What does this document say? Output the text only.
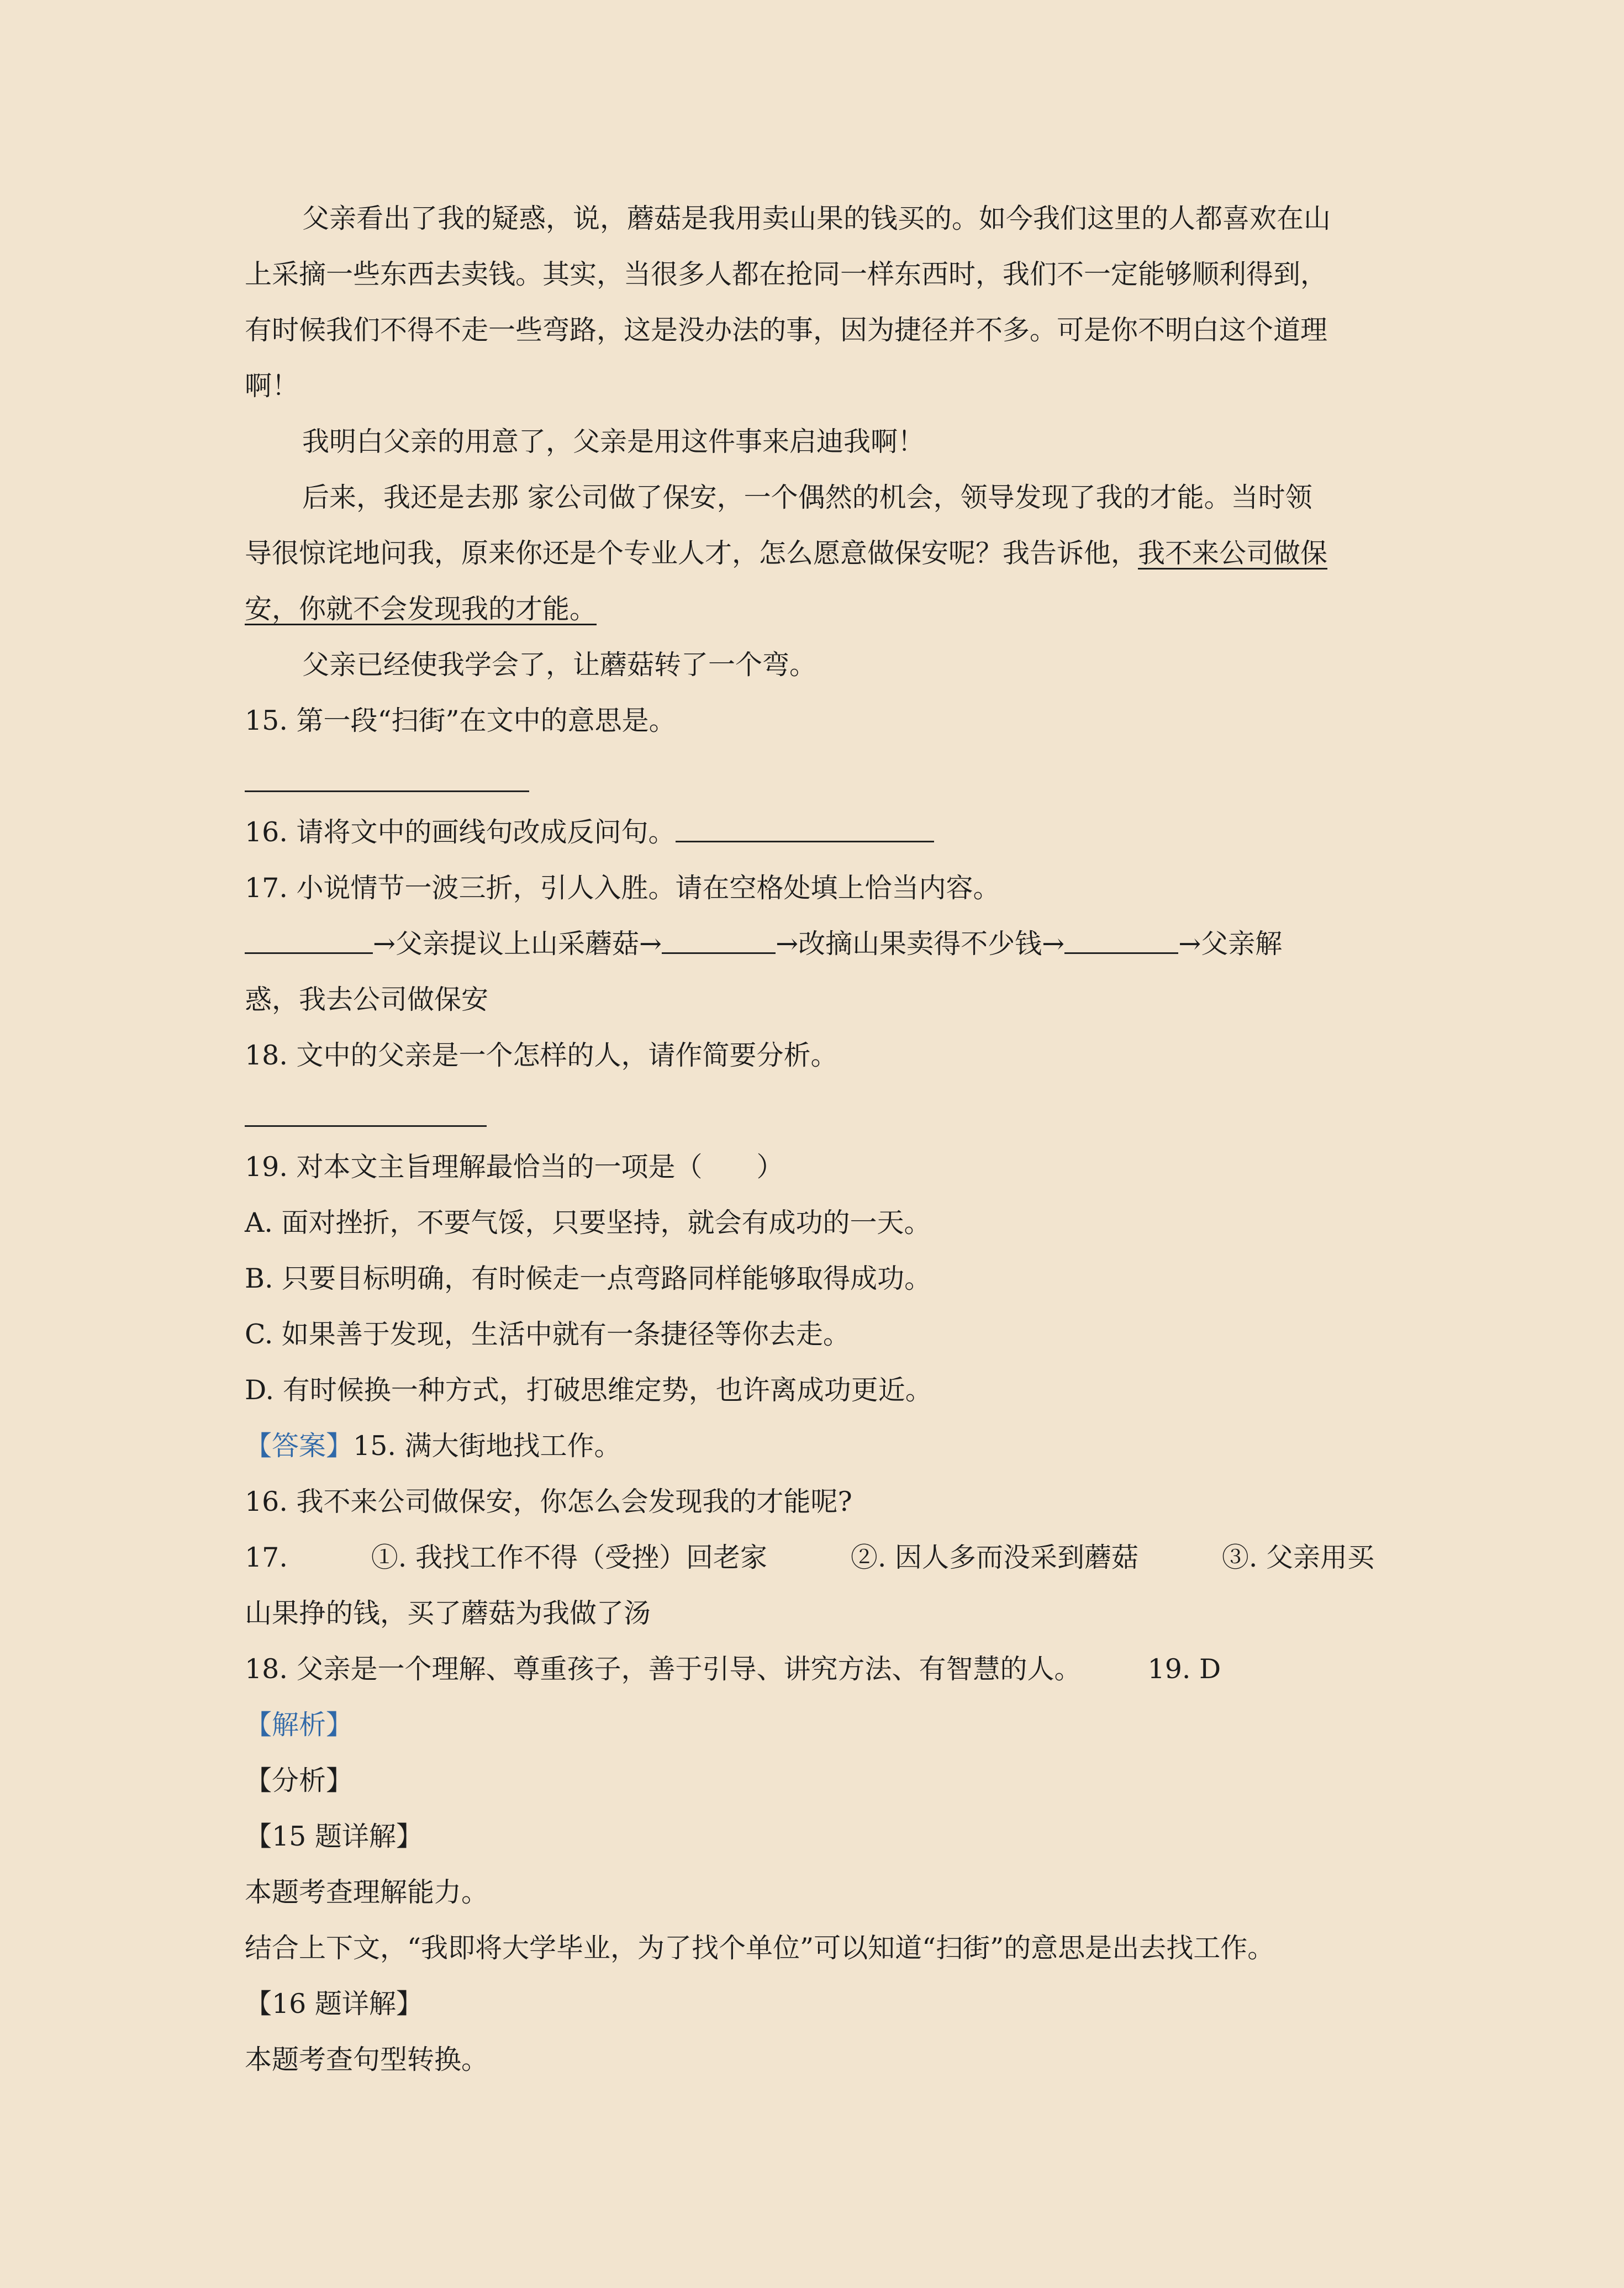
父亲看出了我的疑惑，说，蘑菇是我用卖山果的钱买的。如今我们这里的人都喜欢在山

上采摘一些东西去卖钱。其实，当很多人都在抢同一样东西时，我们不一定能够顺利得到，

有时候我们不得不走一些弯路，这是没办法的事，因为捷径并不多。可是你不明白这个道理

啊！

我明白父亲的用意了，父亲是用这件事来启迪我啊！

后来，我还是去那 家公司做了保安，一个偶然的机会，领导发现了我的才能。当时领

导很惊诧地问我，原来你还是个专业人才，怎么愿意做保安呢？我告诉他，我不来公司做保

安，你就不会发现我的才能。

父亲已经使我学会了，让蘑菇转了一个弯。

15. 第一段“扫街”在文中的意思是。

16. 请将文中的画线句改成反问句。

17. 小说情节一波三折，引人入胜。请在空格处填上恰当内容。

→父亲提议上山采蘑菇→	→改摘山果卖得不少钱→	→父亲解

惑，我去公司做保安

18. 文中的父亲是一个怎样的人，请作简要分析。

19. 对本文主旨理解最恰当的一项是（　　）

A. 面对挫折，不要气馁，只要坚持，就会有成功的一天。

B. 只要目标明确，有时候走一点弯路同样能够取得成功。

C. 如果善于发现，生活中就有一条捷径等你去走。

D. 有时候换一种方式，打破思维定势，也许离成功更近。

【答案】15. 满大街地找工作。

16. 我不来公司做保安，你怎么会发现我的才能呢?

17.	①. 我找工作不得（受挫）回老家	②. 因人多而没采到蘑菇	③. 父亲用买

山果挣的钱，买了蘑菇为我做了汤

18. 父亲是一个理解、尊重孩子，善于引导、讲究方法、有智慧的人。 19. D

【解析】

【分析】

【15 题详解】

本题考查理解能力。

结合上下文，“我即将大学毕业，为了找个单位”可以知道“扫街”的意思是出去找工作。

【16 题详解】

本题考查句型转换。
